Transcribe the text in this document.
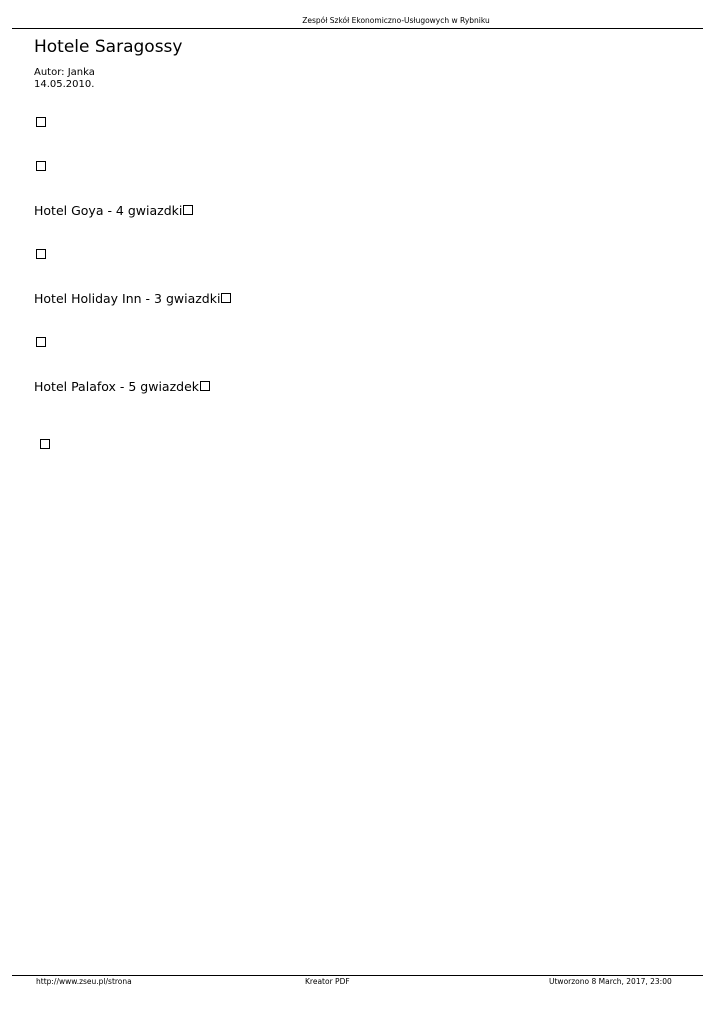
Zespół Szkół Ekonomiczno-Usługowych w Rybniku
Hotele Saragossy
Autor: Janka
14.05.2010.
Hotel Goya - 4 gwiazdki
Hotel Holiday Inn - 3 gwiazdki
Hotel Palafox - 5 gwiazdek
http://www.zseu.pl/strona	Kreator PDF	Utworzono 8 March, 2017, 23:00
